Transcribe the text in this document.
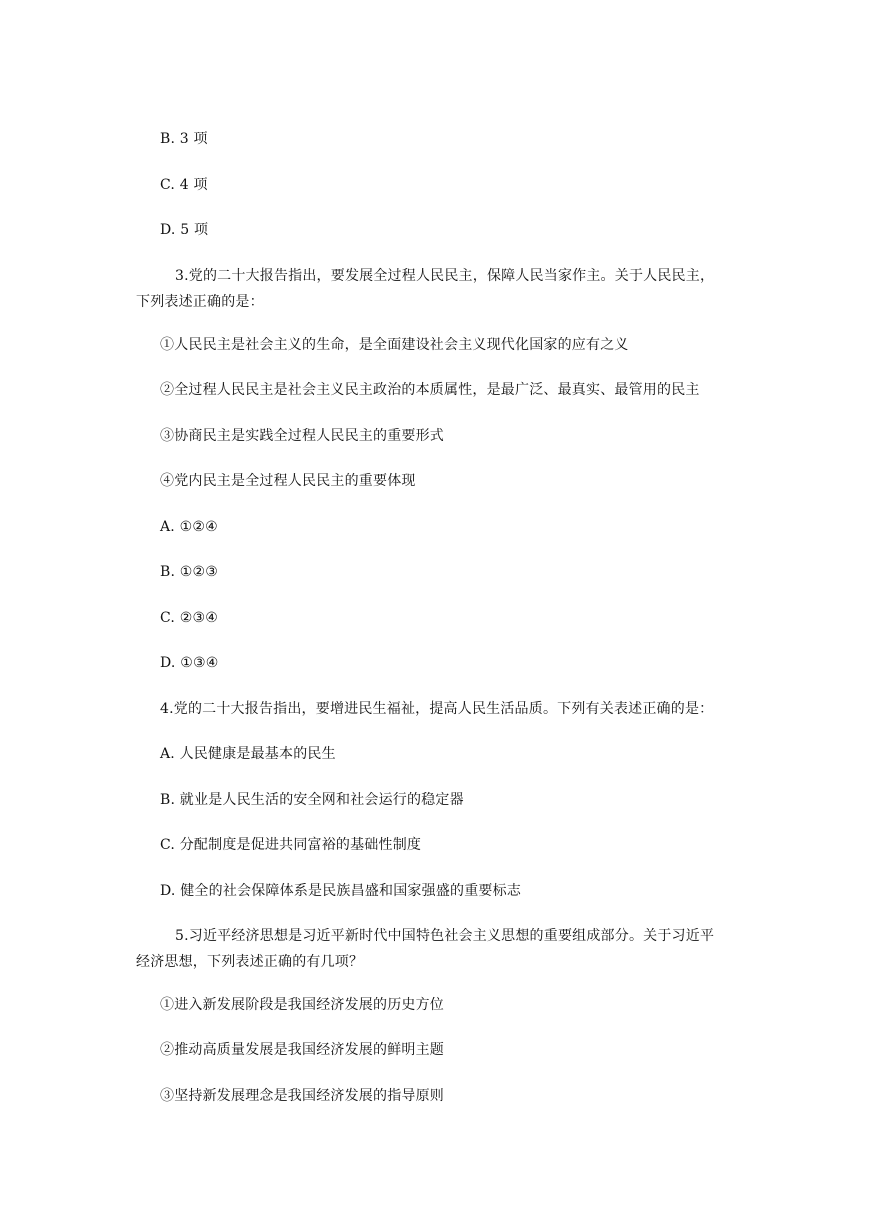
B. 3 项
C. 4 项
D. 5 项
3.党的二十大报告指出，要发展全过程人民民主，保障人民当家作主。关于人民民主，
下列表述正确的是：
①人民民主是社会主义的生命，是全面建设社会主义现代化国家的应有之义
②全过程人民民主是社会主义民主政治的本质属性，是最广泛、最真实、最管用的民主
③协商民主是实践全过程人民民主的重要形式
④党内民主是全过程人民民主的重要体现
A. ①②④
B. ①②③
C. ②③④
D. ①③④
4.党的二十大报告指出，要增进民生福祉，提高人民生活品质。下列有关表述正确的是：
A. 人民健康是最基本的民生
B. 就业是人民生活的安全网和社会运行的稳定器
C. 分配制度是促进共同富裕的基础性制度
D. 健全的社会保障体系是民族昌盛和国家强盛的重要标志
5.习近平经济思想是习近平新时代中国特色社会主义思想的重要组成部分。关于习近平
经济思想，下列表述正确的有几项？
①进入新发展阶段是我国经济发展的历史方位
②推动高质量发展是我国经济发展的鲜明主题
③坚持新发展理念是我国经济发展的指导原则
